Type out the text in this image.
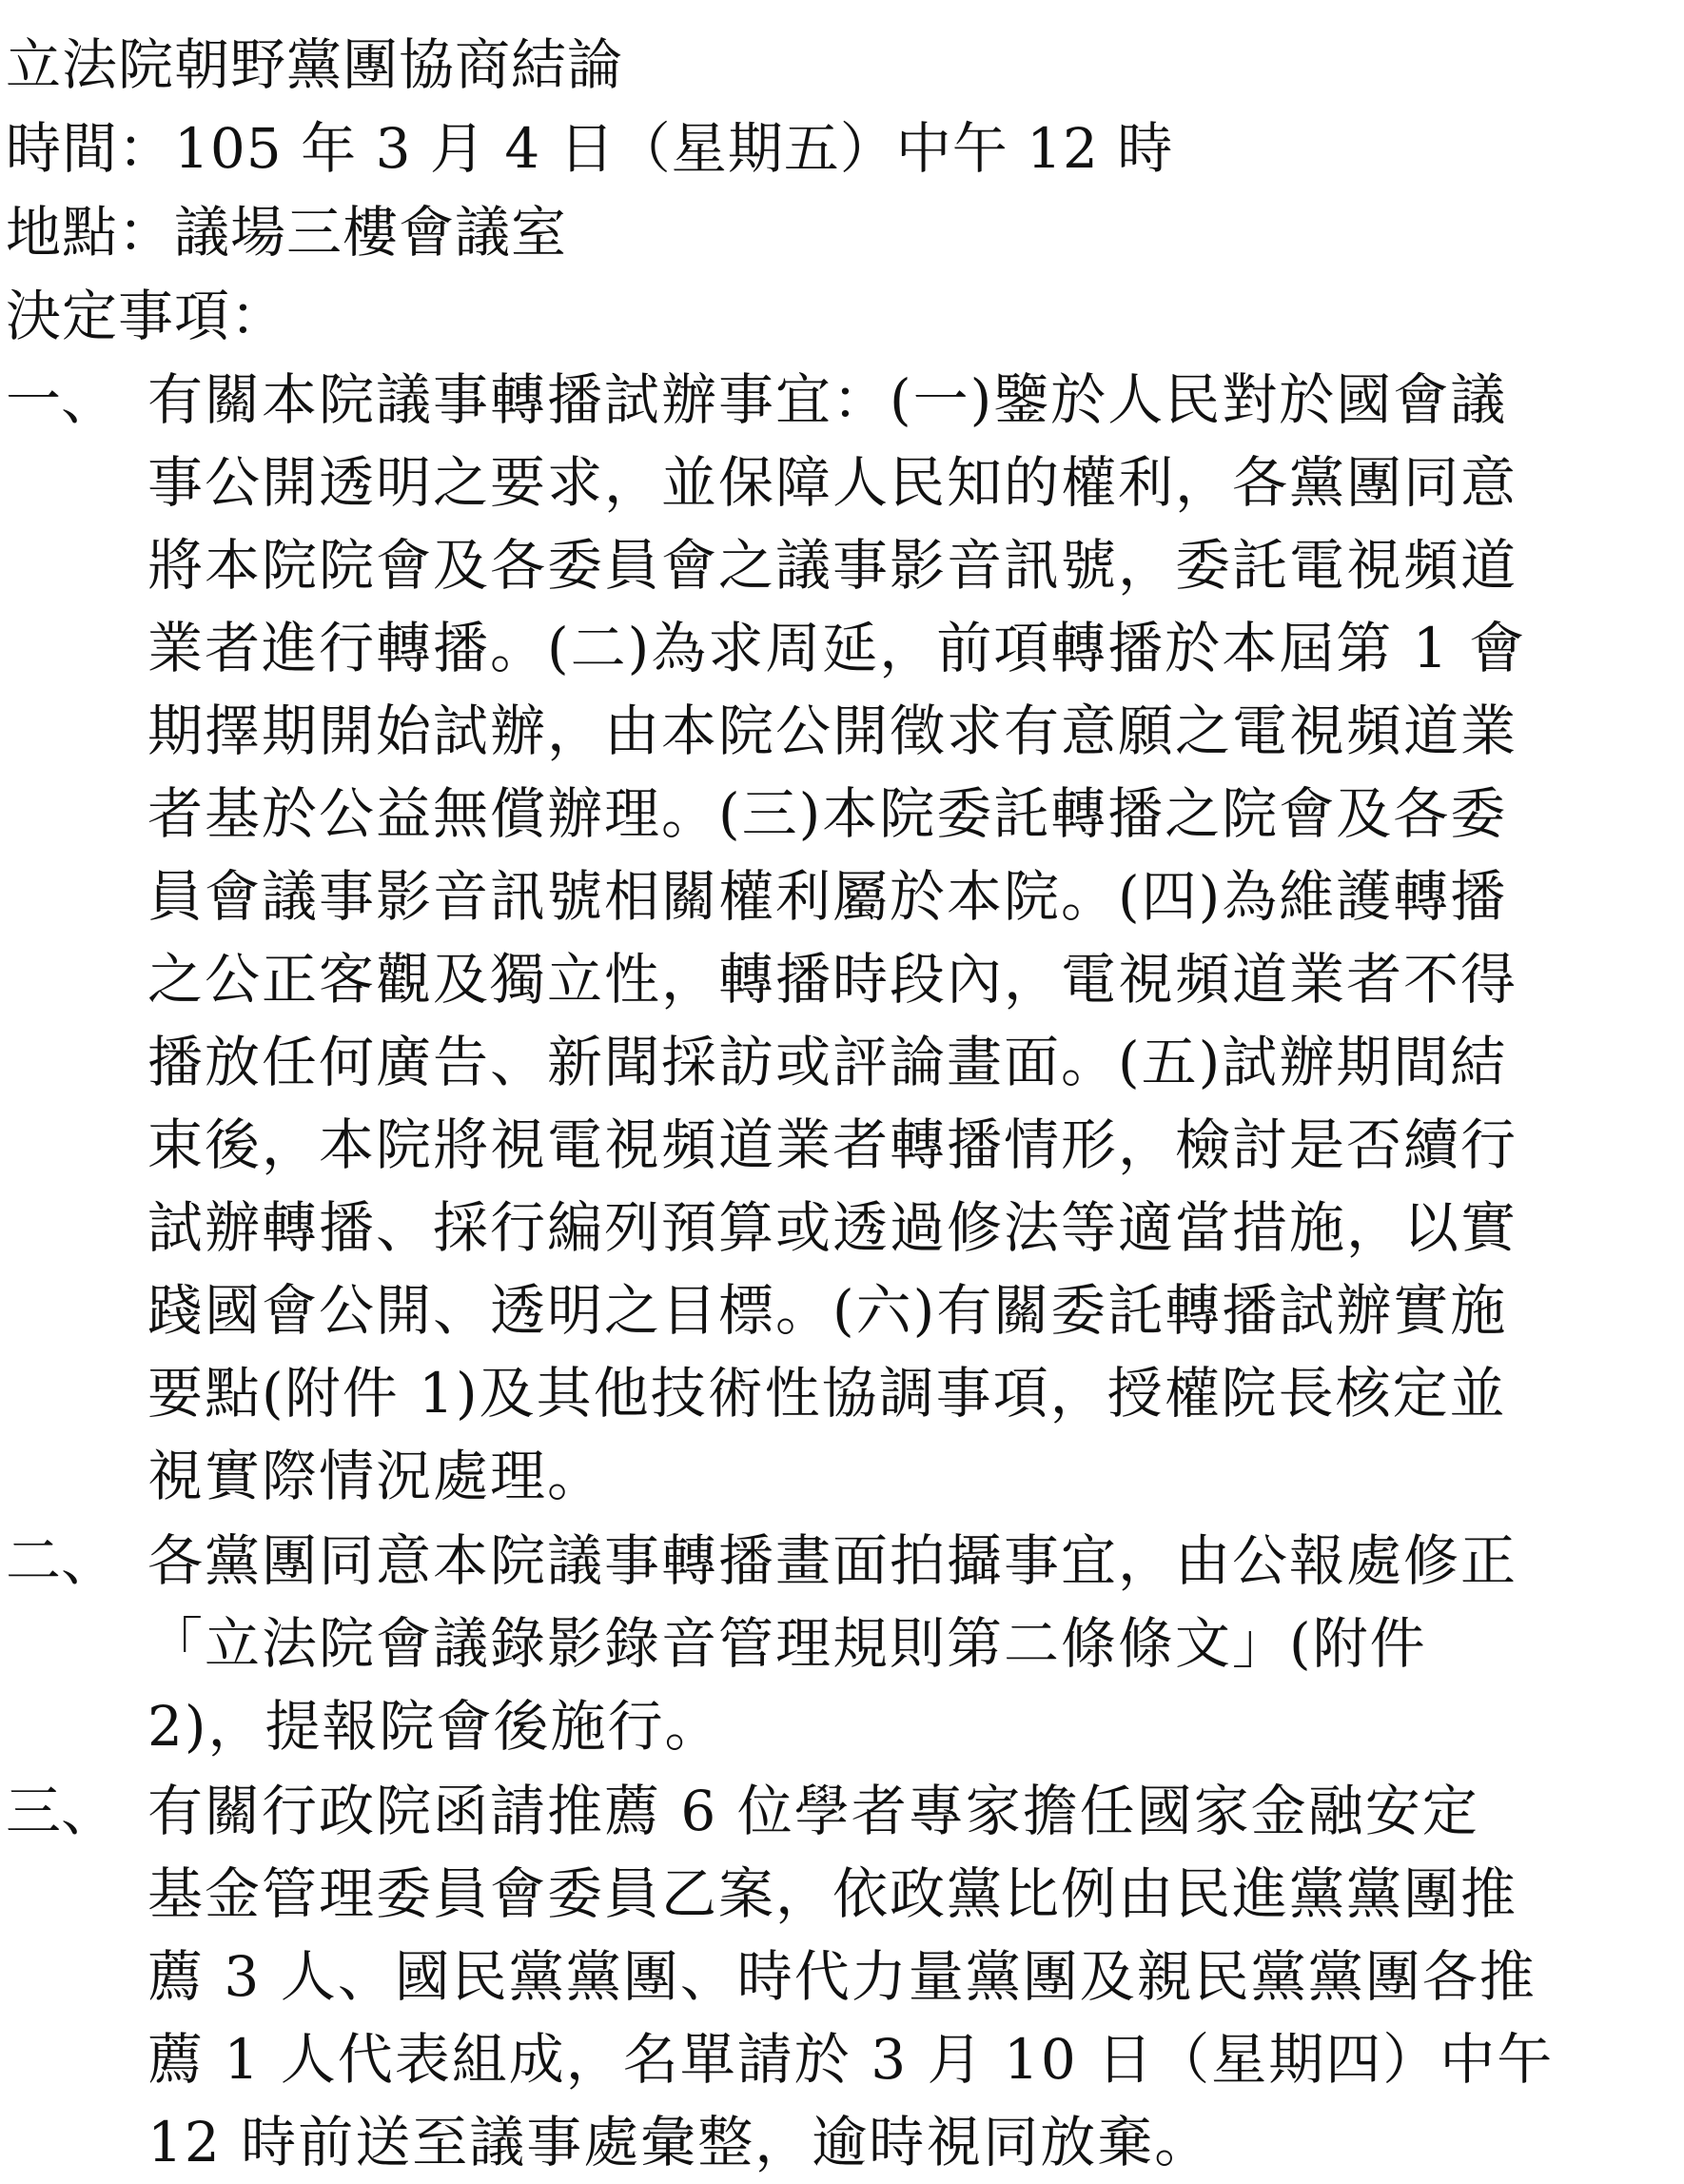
立法院朝野黨團協商結論
時間：105 年 3 月 4 日（星期五）中午 12 時
地點：議場三樓會議室
決定事項：
一、 有關本院議事轉播試辦事宜：(一)鑒於人民對於國會議
事公開透明之要求，並保障人民知的權利，各黨團同意
將本院院會及各委員會之議事影音訊號，委託電視頻道
業者進行轉播。(二)為求周延，前項轉播於本屆第 1 會
期擇期開始試辦，由本院公開徵求有意願之電視頻道業
者基於公益無償辦理。(三)本院委託轉播之院會及各委
員會議事影音訊號相關權利屬於本院。(四)為維護轉播
之公正客觀及獨立性，轉播時段內，電視頻道業者不得
播放任何廣告、新聞採訪或評論畫面。(五)試辦期間結
束後，本院將視電視頻道業者轉播情形，檢討是否續行
試辦轉播、採行編列預算或透過修法等適當措施，以實
踐國會公開、透明之目標。(六)有關委託轉播試辦實施
要點(附件 1)及其他技術性協調事項，授權院長核定並
視實際情況處理。
二、 各黨團同意本院議事轉播畫面拍攝事宜，由公報處修正
「立法院會議錄影錄音管理規則第二條條文」(附件
2)，提報院會後施行。
三、 有關行政院函請推薦 6 位學者專家擔任國家金融安定
基金管理委員會委員乙案，依政黨比例由民進黨黨團推
薦 3 人、國民黨黨團、時代力量黨團及親民黨黨團各推
薦 1 人代表組成，名單請於 3 月 10 日（星期四）中午
12 時前送至議事處彙整，逾時視同放棄。
